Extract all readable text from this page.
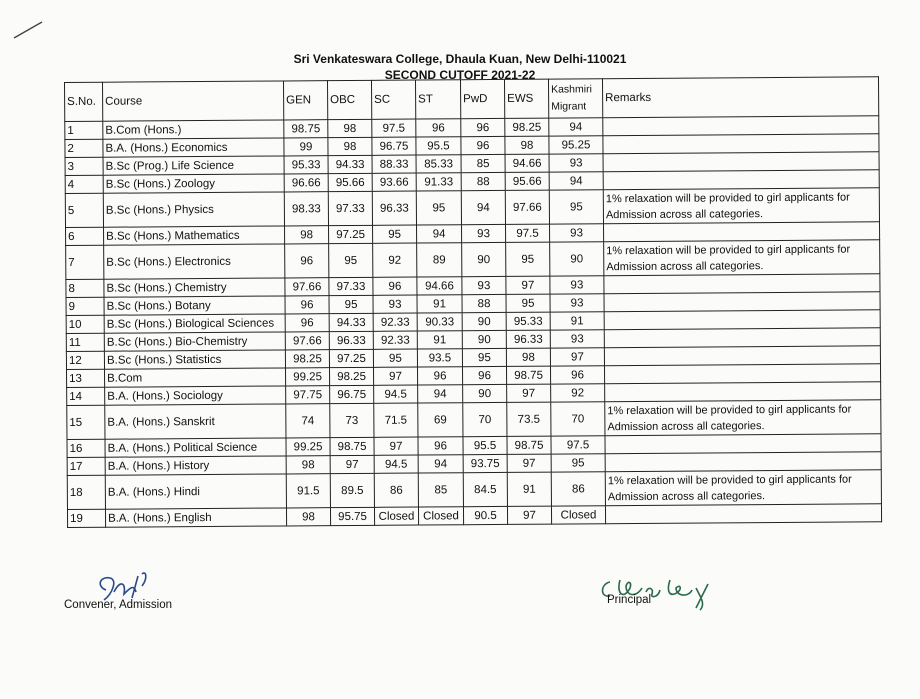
Sri Venkateswara College, Dhaula Kuan, New Delhi-110021
SECOND CUTOFF 2021-22
S.No.	Course	GEN	OBC	SC	ST	PwD	EWS	Kashmiri Migrant	Remarks
1	B.Com (Hons.)	98.75	98	97.5	96	96	98.25	94	
2	B.A. (Hons.) Economics	99	98	96.75	95.5	96	98	95.25	
3	B.Sc (Prog.) Life Science	95.33	94.33	88.33	85.33	85	94.66	93	
4	B.Sc (Hons.) Zoology	96.66	95.66	93.66	91.33	88	95.66	94	
5	B.Sc (Hons.) Physics	98.33	97.33	96.33	95	94	97.66	95	1% relaxation will be provided to girl applicants for Admission across all categories.
6	B.Sc (Hons.) Mathematics	98	97.25	95	94	93	97.5	93	
7	B.Sc (Hons.) Electronics	96	95	92	89	90	95	90	1% relaxation will be provided to girl applicants for Admission across all categories.
8	B.Sc (Hons.) Chemistry	97.66	97.33	96	94.66	93	97	93	
9	B.Sc (Hons.) Botany	96	95	93	91	88	95	93	
10	B.Sc (Hons.) Biological Sciences	96	94.33	92.33	90.33	90	95.33	91	
11	B.Sc (Hons.) Bio-Chemistry	97.66	96.33	92.33	91	90	96.33	93	
12	B.Sc (Hons.) Statistics	98.25	97.25	95	93.5	95	98	97	
13	B.Com	99.25	98.25	97	96	96	98.75	96	
14	B.A. (Hons.) Sociology	97.75	96.75	94.5	94	90	97	92	
15	B.A. (Hons.) Sanskrit	74	73	71.5	69	70	73.5	70	1% relaxation will be provided to girl applicants for Admission across all categories.
16	B.A. (Hons.) Political Science	99.25	98.75	97	96	95.5	98.75	97.5	
17	B.A. (Hons.) History	98	97	94.5	94	93.75	97	95	
18	B.A. (Hons.) Hindi	91.5	89.5	86	85	84.5	91	86	1% relaxation will be provided to girl applicants for Admission across all categories.
19	B.A. (Hons.) English	98	95.75	Closed	Closed	90.5	97	Closed	
Convener, Admission	Principal
